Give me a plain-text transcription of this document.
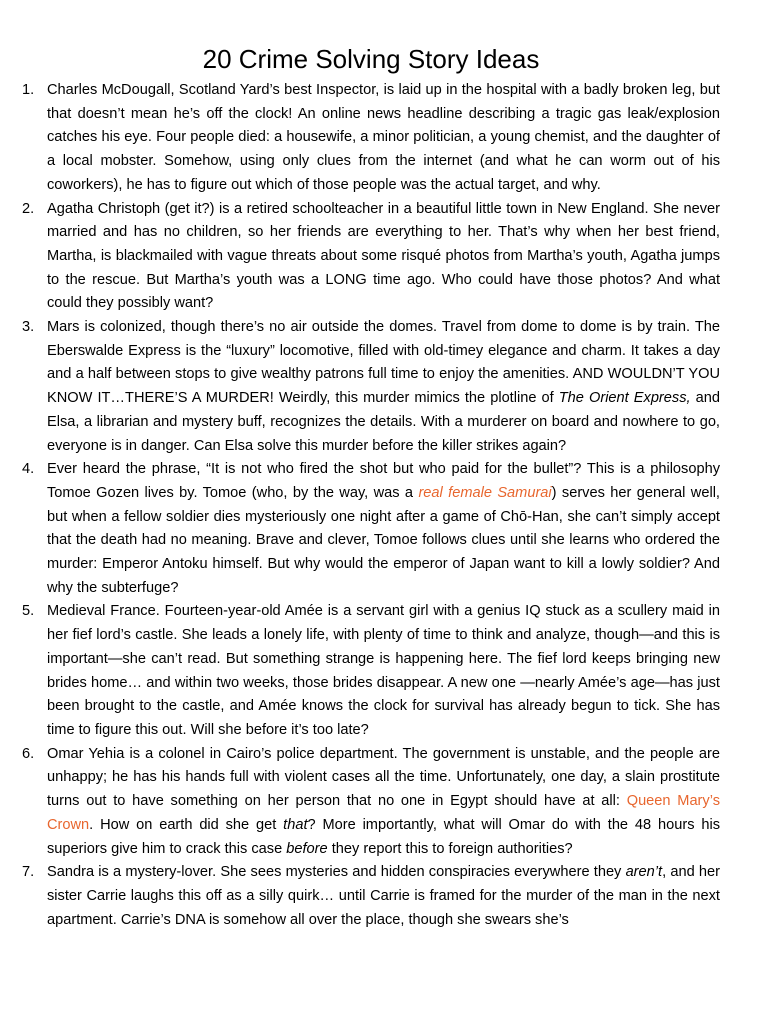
20 Crime Solving Story Ideas
1. Charles McDougall, Scotland Yard’s best Inspector, is laid up in the hospital with a badly broken leg, but that doesn’t mean he’s off the clock! An online news headline describing a tragic gas leak/explosion catches his eye. Four people died: a housewife, a minor politician, a young chemist, and the daughter of a local mobster. Somehow, using only clues from the internet (and what he can worm out of his coworkers), he has to figure out which of those people was the actual target, and why.
2. Agatha Christoph (get it?) is a retired schoolteacher in a beautiful little town in New England. She never married and has no children, so her friends are everything to her. That’s why when her best friend, Martha, is blackmailed with vague threats about some risqué photos from Martha’s youth, Agatha jumps to the rescue. But Martha’s youth was a LONG time ago. Who could have those photos? And what could they possibly want?
3. Mars is colonized, though there’s no air outside the domes. Travel from dome to dome is by train. The Eberswalde Express is the “luxury” locomotive, filled with old-timey elegance and charm. It takes a day and a half between stops to give wealthy patrons full time to enjoy the amenities. AND WOULDN’T YOU KNOW IT…THERE’S A MURDER! Weirdly, this murder mimics the plotline of The Orient Express, and Elsa, a librarian and mystery buff, recognizes the details. With a murderer on board and nowhere to go, everyone is in danger. Can Elsa solve this murder before the killer strikes again?
4. Ever heard the phrase, “It is not who fired the shot but who paid for the bullet”? This is a philosophy Tomoe Gozen lives by. Tomoe (who, by the way, was a real female Samurai) serves her general well, but when a fellow soldier dies mysteriously one night after a game of Chō-Han, she can’t simply accept that the death had no meaning. Brave and clever, Tomoe follows clues until she learns who ordered the murder: Emperor Antoku himself. But why would the emperor of Japan want to kill a lowly soldier? And why the subterfuge?
5. Medieval France. Fourteen-year-old Amée is a servant girl with a genius IQ stuck as a scullery maid in her fief lord’s castle. She leads a lonely life, with plenty of time to think and analyze, though—and this is important—she can’t read. But something strange is happening here. The fief lord keeps bringing new brides home… and within two weeks, those brides disappear. A new one —nearly Amée’s age—has just been brought to the castle, and Amée knows the clock for survival has already begun to tick. She has time to figure this out. Will she before it’s too late?
6. Omar Yehia is a colonel in Cairo’s police department. The government is unstable, and the people are unhappy; he has his hands full with violent cases all the time. Unfortunately, one day, a slain prostitute turns out to have something on her person that no one in Egypt should have at all: Queen Mary’s Crown. How on earth did she get that? More importantly, what will Omar do with the 48 hours his superiors give him to crack this case before they report this to foreign authorities?
7. Sandra is a mystery-lover. She sees mysteries and hidden conspiracies everywhere they aren’t, and her sister Carrie laughs this off as a silly quirk… until Carrie is framed for the murder of the man in the next apartment. Carrie’s DNA is somehow all over the place, though she swears she’s
